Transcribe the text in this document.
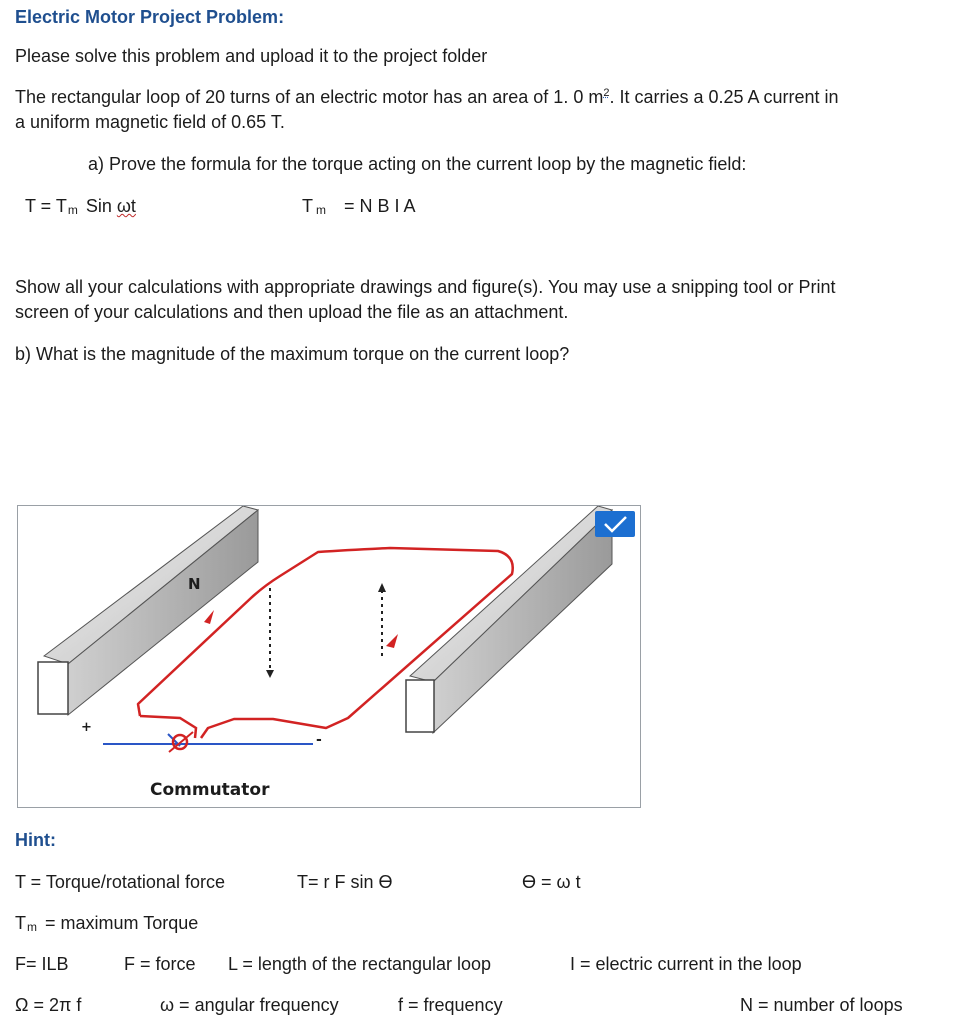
Electric Motor Project Problem:
Please solve this problem and upload it to the project folder
The rectangular loop of 20 turns of an electric motor has an area of 1. 0 $m^2$. It carries a 0.25 A current in
a uniform magnetic field of 0.65 T.
a) Prove the formula for the torque acting on the current loop by the magnetic field:
T = Tm Sin ωt	Tm = N B I A
Show all your calculations with appropriate drawings and figure(s). You may use a snipping tool or Print
screen of your calculations and then upload the file as an attachment.
b) What is the magnitude of the maximum torque on the current loop?
N
+
-
Commutator
Hint:
T = Torque/rotational force	T= r F sin ϴ	ϴ = ω t
Tm = maximum Torque
F= ILB	F = force L = length of the rectangular loop	I = electric current in the loop
Ω = 2π f	ω = angular frequency	f = frequency	N = number of loops
